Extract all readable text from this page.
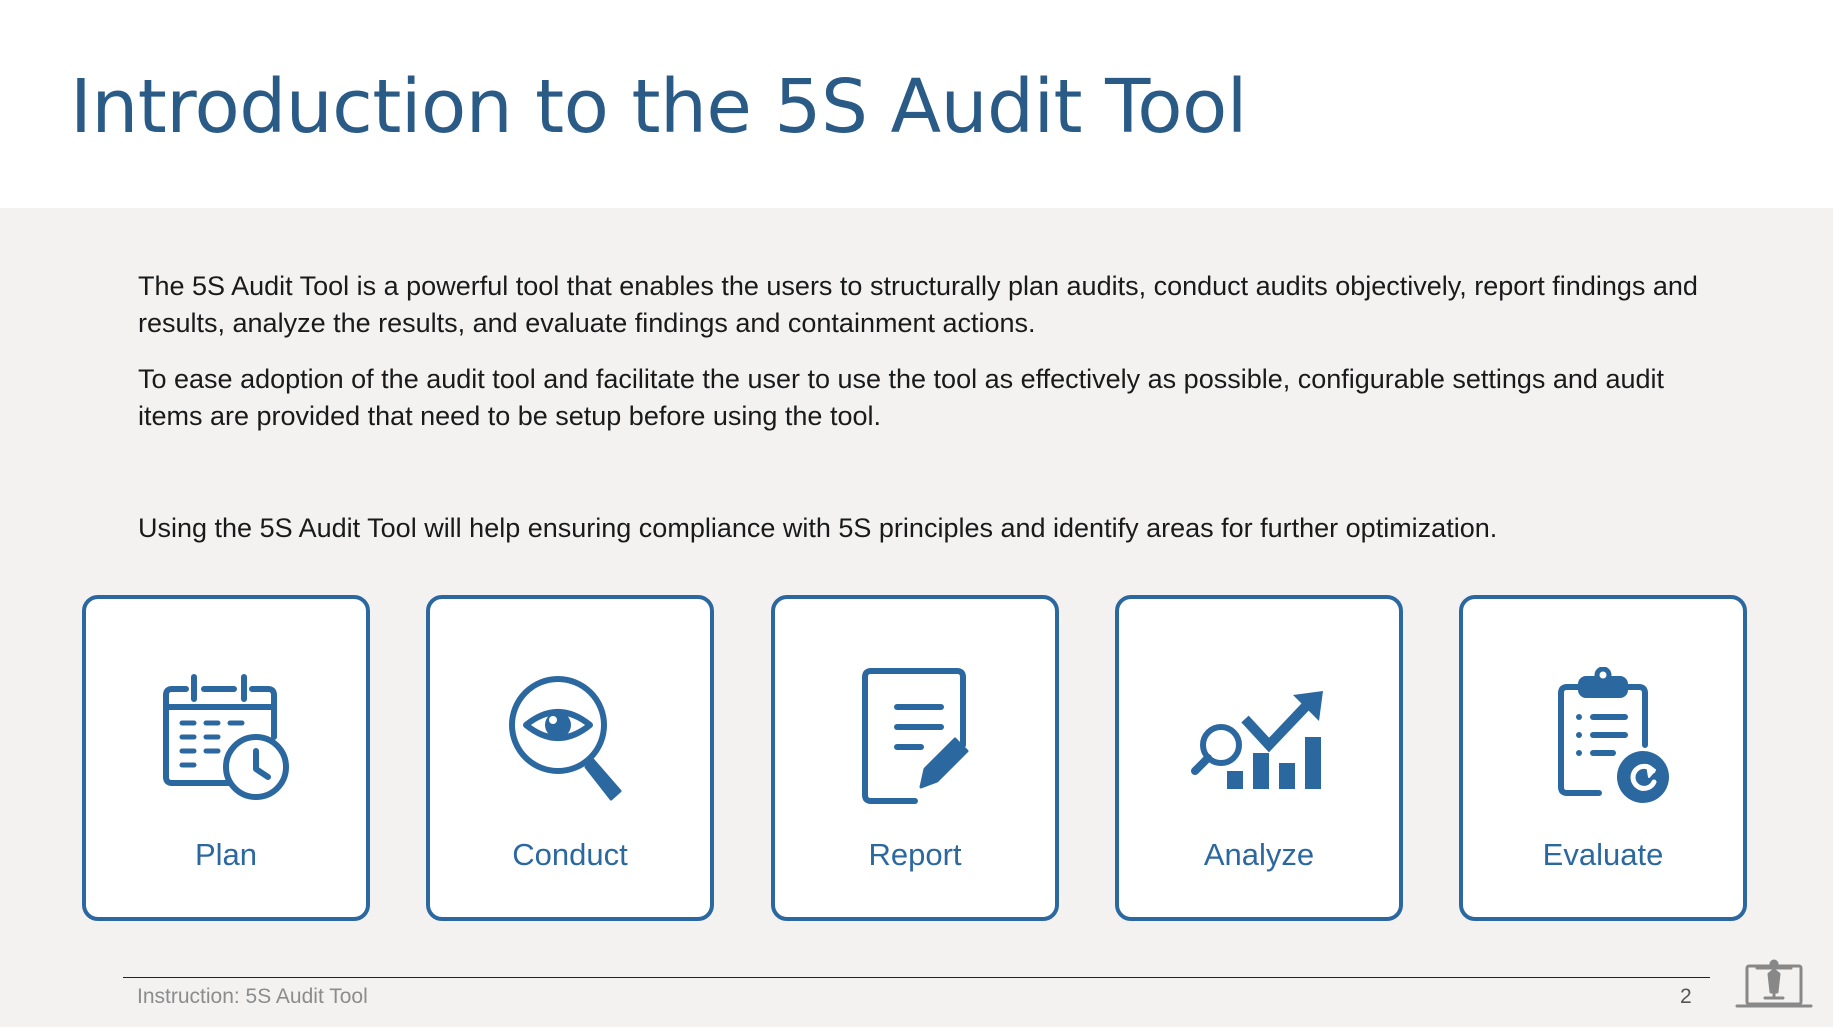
Introduction to the 5S Audit Tool

The 5S Audit Tool is a powerful tool that enables the users to structurally plan audits, conduct audits objectively, report findings and results, analyze the results, and evaluate findings and containment actions.

To ease adoption of the audit tool and facilitate the user to use the tool as effectively as possible, configurable settings and audit items are provided that need to be setup before using the tool.

Using the 5S Audit Tool will help ensuring compliance with 5S principles and identify areas for further optimization.

Plan	Conduct	Report	Analyze	Evaluate
Instruction: 5S Audit Tool	2
